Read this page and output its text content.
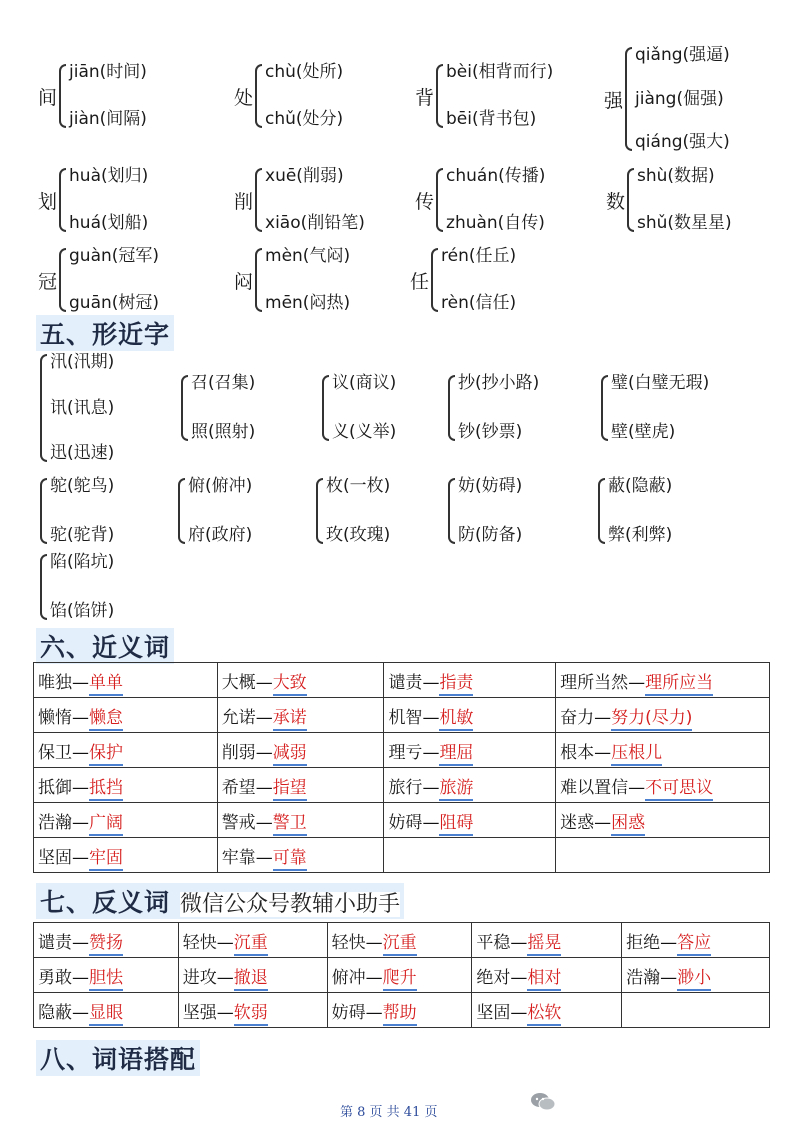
间
jiān(时间)
jiàn(间隔)
处
chù(处所)
chǔ(处分)
背
bèi(相背而行)
bēi(背书包)
强
qiǎng(强逼)
jiàng(倔强)
qiáng(强大)
划
huà(划归)
huá(划船)
削
xuē(削弱)
xiāo(削铅笔)
传
chuán(传播)
zhuàn(自传)
数
shù(数据)
shǔ(数星星)
冠
guàn(冠军)
guān(树冠)
闷
mèn(气闷)
mēn(闷热)
任
rén(任丘)
rèn(信任)
五、形近字
汛(汛期)
讯(讯息)
迅(迅速)
召(召集)
照(照射)
议(商议)
义(义举)
抄(抄小路)
钞(钞票)
璧(白璧无瑕)
壁(壁虎)
鸵(鸵鸟)
驼(驼背)
俯(俯冲)
府(政府)
枚(一枚)
玫(玫瑰)
妨(妨碍)
防(防备)
蔽(隐蔽)
弊(利弊)
陷(陷坑)
馅(馅饼)
六、近义词
唯独—单单	大概—大致	谴责—指责	理所当然—理所应当
懒惰—懒怠	允诺—承诺	机智—机敏	奋力—努力(尽力)
保卫—保护	削弱—减弱	理亏—理屈	根本—压根儿
抵御—抵挡	希望—指望	旅行—旅游	难以置信—不可思议
浩瀚—广阔	警戒—警卫	妨碍—阻碍	迷惑—困惑
坚固—牢固	牢靠—可靠		
七、反义词 微信公众号教辅小助手
谴责—赞扬	轻快—沉重	轻快—沉重	平稳—摇晃	拒绝—答应
勇敢—胆怯	进攻—撤退	俯冲—爬升	绝对—相对	浩瀚—渺小
隐蔽—显眼	坚强—软弱	妨碍—帮助	坚固—松软	
八、词语搭配
第 8 页 共 41 页
